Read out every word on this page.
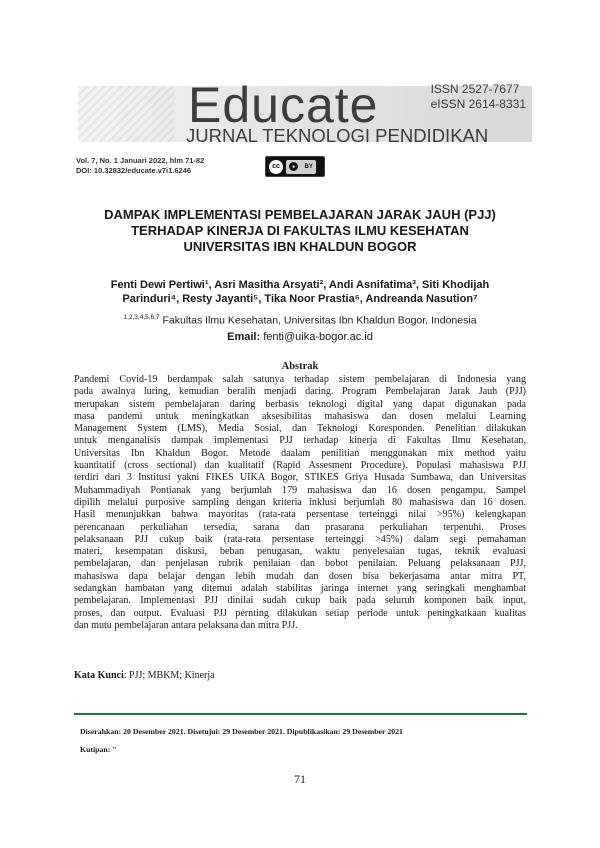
Educate
JURNAL TEKNOLOGI PENDIDIKAN
ISSN 2527-7677
eISSN 2614-8331
Vol. 7, No. 1 Januari 2022, hlm 71-82
DOI: 10.32832/educate.v7i1.6246	cc	●	BY
DAMPAK IMPLEMENTASI PEMBELAJARAN JARAK JAUH (PJJ)
TERHADAP KINERJA DI FAKULTAS ILMU KESEHATAN
UNIVERSITAS IBN KHALDUN BOGOR
Fenti Dewi Pertiwi¹, Asri Masitha Arsyati², Andi Asnifatima³, Siti Khodijah
Parinduri⁴, Resty Jayanti⁵, Tika Noor Prastia⁶, Andreanda Nasution⁷
$^{1,2,3,4,5,6,7}$ Fakultas Ilmu Kesehatan, Universitas Ibn Khaldun Bogor, Indonesia
Email: fenti@uika-bogor.ac.id
Abstrak
Pandemi Covid-19 berdampak salah satunya terhadap sistem pembelajaran di Indonesia yang
pada awalnya luring, kemudian beralih menjadi daring. Program Pembelajaran Jarak Jauh (PJJ)
merupakan sistem pembelajaran daring berbasis teknologi digital yang dapat digunakan pada
masa pandemi untuk meningkatkan aksesibilitas mahasiswa dan dosen melalui Learning
Management System (LMS), Media Sosial, dan Teknologi Koresponden. Penelitian dilakukan
untuk menganalisis dampak implementasi PJJ terhadap kinerja di Fakultas Ilmu Kesehatan,
Universitas Ibn Khaldun Bogor. Metode daalam penilitian menggunakan mix method yaitu
kuantitatif (cross sectional) dan kualitatif (Rapid Assesment Procedure). Populasi mahasiswa PJJ
terdiri dari 3 Institusi yakni FIKES UIKA Bogor, STIKES Griya Husada Sumbawa, dan Universitas
Muhammadiyah Pontianak yang berjumlah 179 mahasiswa dan 16 dosen pengampu. Sampel
dipilih melalui purposive sampling dengan kriteria inklusi berjumlah 80 mahasiswa dan 16 dosen.
Hasil menunjukkan bahwa mayoritas (rata-rata persentase terteinggi nilai >95%) kelengkapan
perencanaan perkuliahan tersedia, sarana dan prasarana perkuliahan terpenuhi. Proses
pelaksanaan PJJ cukup baik (rata-rata persentase terteinggi >45%) dalam segi pemahaman
materi, kesempatan diskusi, beban penugasan, waktu penyelesaian tugas, teknik evaluasi
pembelajaran, dan penjelasan rubrik penilaian dan bobot penilaian. Peluang pelaksanaan PJJ,
mahasiswa dapa belajar dengan lebih mudah dan dosen bisa bekerjasama antar mitra PT,
sedangkan hambatan yang ditemui adalah stabilitas jaringa internet yang seringkali menghambat
pembelajaran. Implementasi PJJ dinilai sudah cukup baik pada seluruh komponen baik input,
proses, dan output. Evaluasi PJJ pernting dilakukan setiap periode untuk peningkatkaan kualitas
dan mutu pembelajaran antara pelaksana dan mitra PJJ.
Kata Kunci: PJJ; MBKM; Kinerja
Diserahkan: 20 Desember 2021. Disetujui: 29 Desember 2021. Dipublikasikan: 29 Desember 2021
Kutipan: "
71
